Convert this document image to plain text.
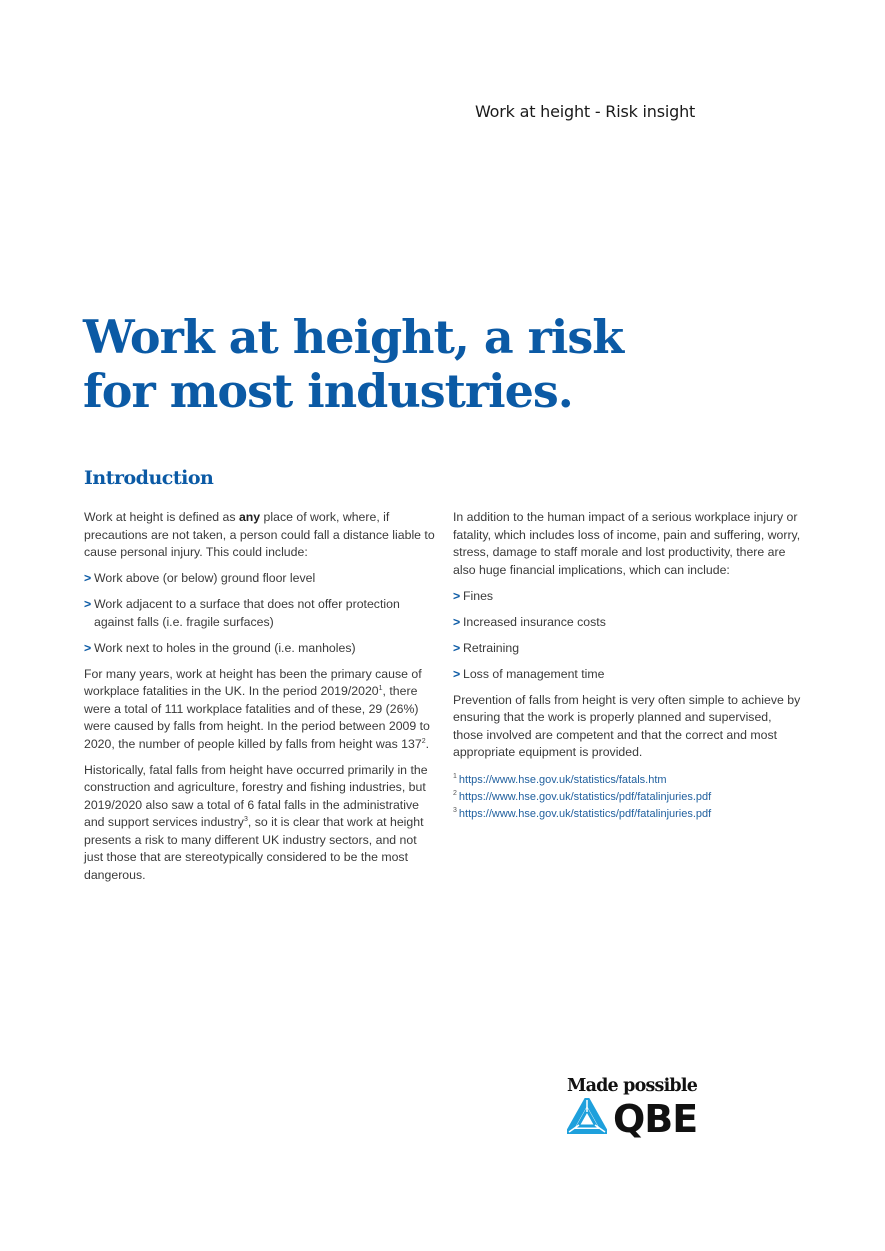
Work at height - Risk insight
Work at height, a risk
for most industries.
Introduction

Work at height is defined as any place of work, where, if precautions are not taken, a person could fall a distance liable to cause personal injury. This could include:

> Work above (or below) ground floor level
> Work adjacent to a surface that does not offer protection against falls (i.e. fragile surfaces)
> Work next to holes in the ground (i.e. manholes)

For many years, work at height has been the primary cause of workplace fatalities in the UK. In the period 2019/2020$^1$, there were a total of 111 workplace fatalities and of these, 29 (26%) were caused by falls from height. In the period between 2009 to 2020, the number of people killed by falls from height was $137^2$.

Historically, fatal falls from height have occurred primarily in the construction and agriculture, forestry and fishing industries, but 2019/2020 also saw a total of 6 fatal falls in the administrative and support services industry$^3$, so it is clear that work at height presents a risk to many different UK industry sectors, and not just those that are stereotypically considered to be the most dangerous.

In addition to the human impact of a serious workplace injury or fatality, which includes loss of income, pain and suffering, worry, stress, damage to staff morale and lost productivity, there are also huge financial implications, which can include:

> Fines
> Increased insurance costs
> Retraining
> Loss of management time

Prevention of falls from height is very often simple to achieve by ensuring that the work is properly planned and supervised, those involved are competent and that the correct and most appropriate equipment is provided.

$^1$ https://www.hse.gov.uk/statistics/fatals.htm
$^2$ https://www.hse.gov.uk/statistics/pdf/fatalinjuries.pdf
$^3$ https://www.hse.gov.uk/statistics/pdf/fatalinjuries.pdf
Made possible
QBE
